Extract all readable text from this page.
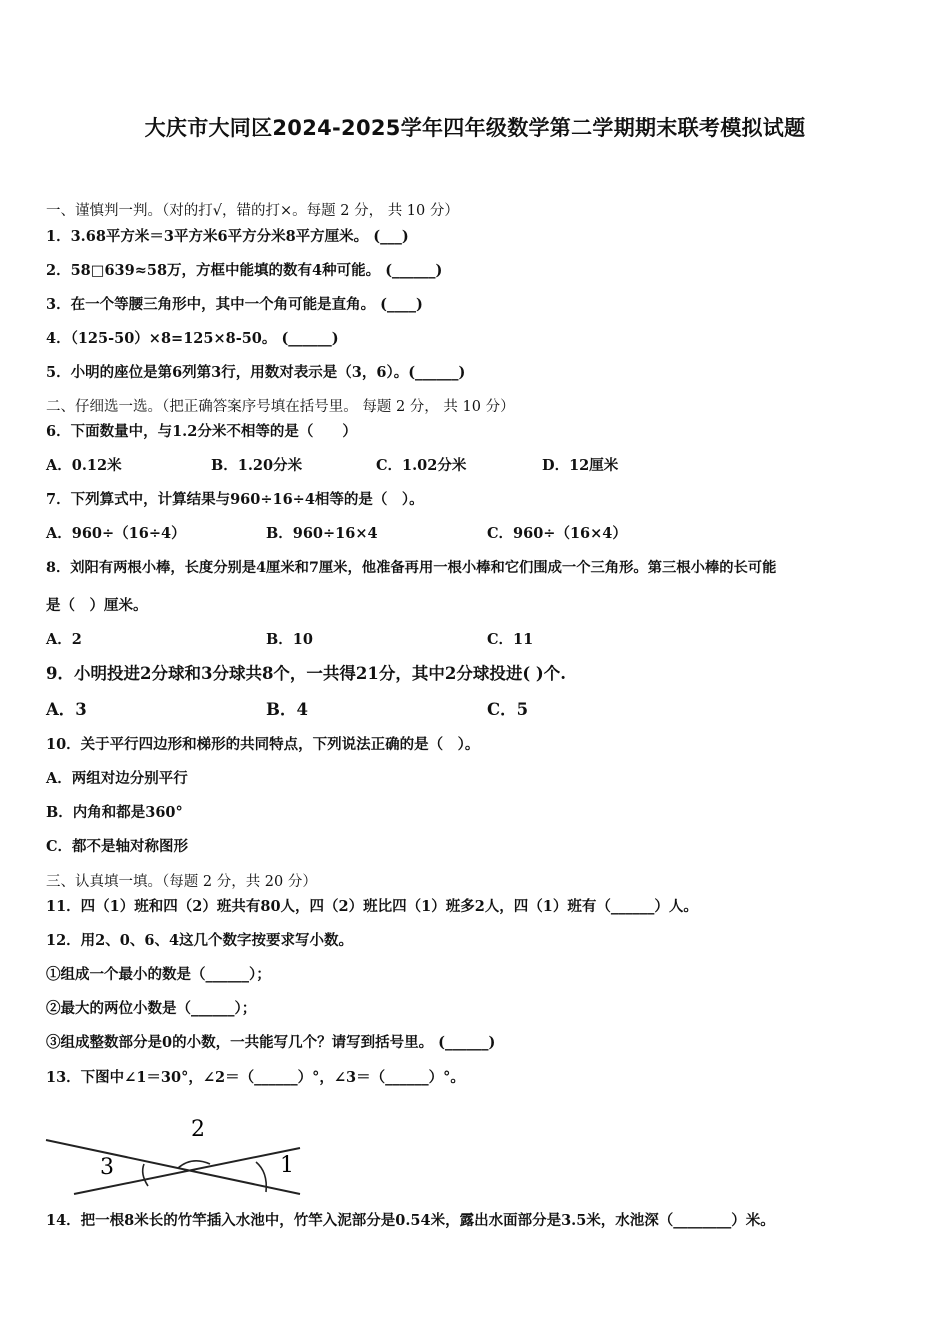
大庆市大同区2024-2025学年四年级数学第二学期期末联考模拟试题
一、谨慎判一判。（对的打√，错的打×。每题 2 分， 共 10 分）
1．3.68平方米＝3平方米6平方分米8平方厘米。 (___)
2．58□639≈58万，方框中能填的数有4种可能。 (______)
3．在一个等腰三角形中，其中一个角可能是直角。 (____)
4．（125-50）×8=125×8-50。 (______)
5．小明的座位是第6列第3行，用数对表示是（3，6）。(______)
二、仔细选一选。（把正确答案序号填在括号里。 每题 2 分， 共 10 分）
6．下面数量中，与1.2分米不相等的是（　　）
A．0.12米	B．1.20分米	C．1.02分米	D．12厘米
7．下列算式中，计算结果与960÷16÷4相等的是（　）。
A．960÷（16÷4）	B．960÷16×4	C．960÷（16×4）
8．刘阳有两根小棒，长度分别是4厘米和7厘米，他准备再用一根小棒和它们围成一个三角形。第三根小棒的长可能
是（　）厘米。
A．2	B．10	C．11
9．小明投进2分球和3分球共8个，一共得21分，其中2分球投进( )个.
A．3	B．4	C．5
10．关于平行四边形和梯形的共同特点，下列说法正确的是（　）。
A．两组对边分别平行
B．内角和都是360°
C．都不是轴对称图形
三、认真填一填。（每题 2 分，共 20 分）
11．四（1）班和四（2）班共有80人，四（2）班比四（1）班多2人，四（1）班有（______）人。
12．用2、0、6、4这几个数字按要求写小数。
①组成一个最小的数是（______）；
②最大的两位小数是（______）；
③组成整数部分是0的小数，一共能写几个？请写到括号里。 (______)
13．下图中∠1＝30°，∠2＝（______）°，∠3＝（______）°。
2
3	1
14．把一根8米长的竹竿插入水池中，竹竿入泥部分是0.54米，露出水面部分是3.5米，水池深（________）米。
